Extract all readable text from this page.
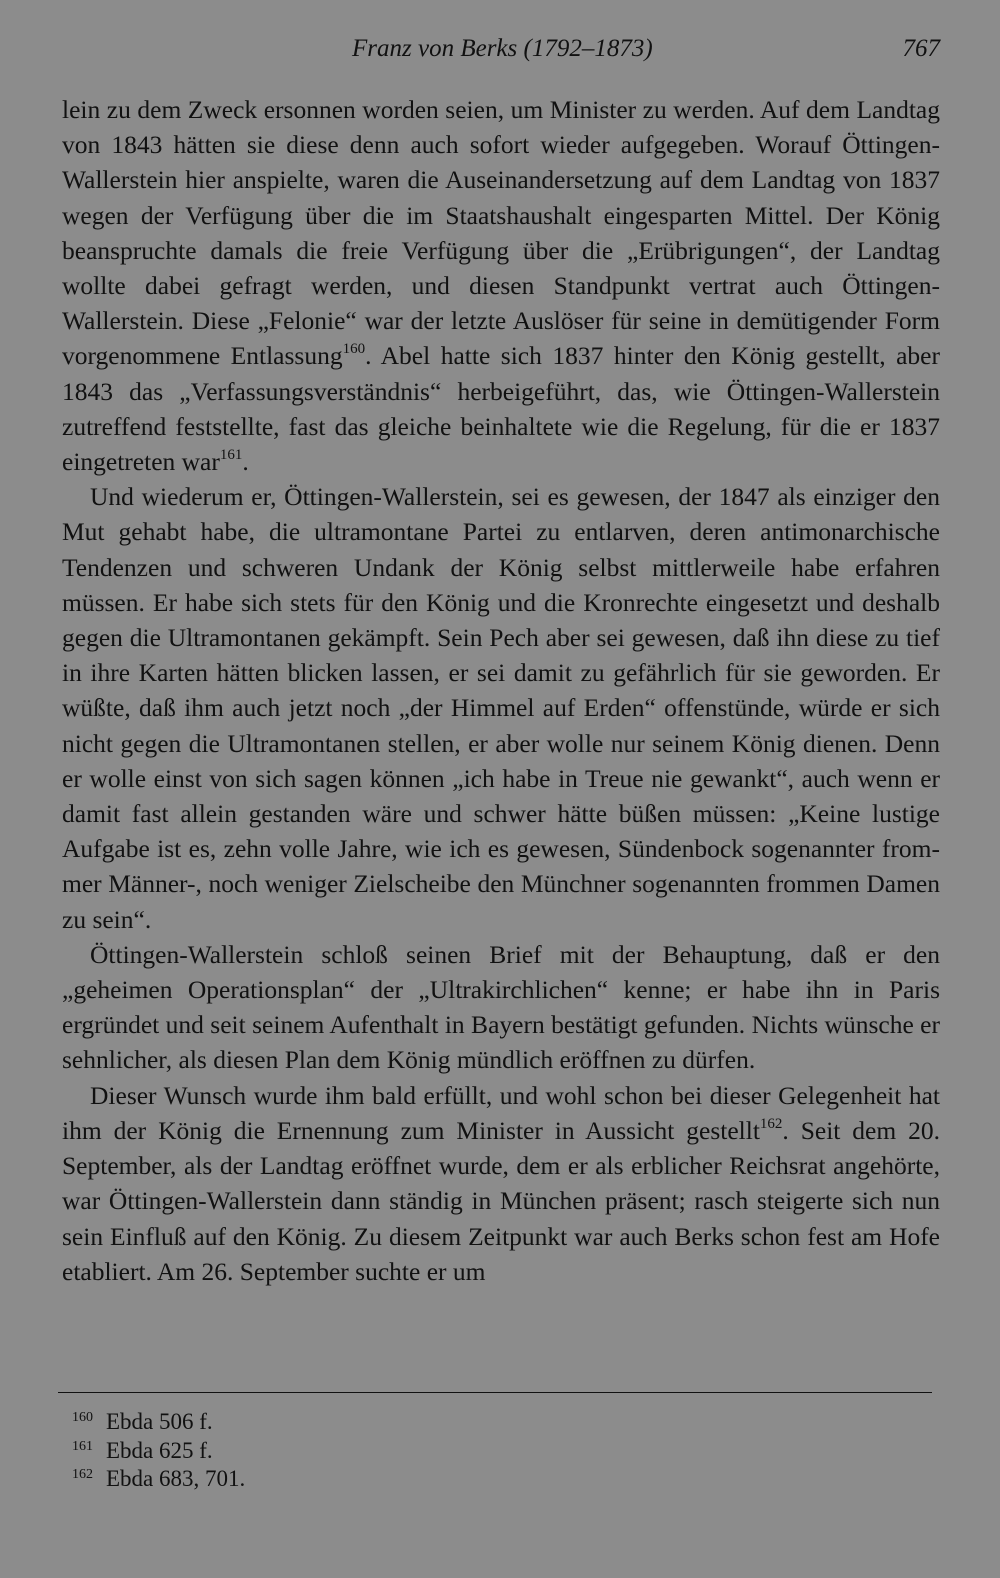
Franz von Berks (1792–1873)	767

lein zu dem Zweck ersonnen worden seien, um Minister zu werden. Auf dem Landtag von 1843 hätten sie diese denn auch sofort wieder aufgegeben. Worauf Öttingen-Wallerstein hier anspielte, waren die Auseinandersetzung auf dem Landtag von 1837 wegen der Verfügung über die im Staatshaushalt eingesparten Mittel. Der König beanspruchte damals die freie Verfügung über die „Erübrigungen“, der Landtag wollte dabei gefragt werden, und diesen Standpunkt vertrat auch Öttingen-Wallerstein. Diese „Felonie“ war der letzte Auslöser für seine in demütigender Form vorgenommene Entlassung$^{160}$. Abel hatte sich 1837 hinter den König gestellt, aber 1843 das „Verfassungsverständnis“ herbeigeführt, das, wie Öttingen-Wallerstein zutreffend feststellte, fast das gleiche beinhaltete wie die Regelung, für die er 1837 eingetreten war$^{161}$.

Und wiederum er, Öttingen-Wallerstein, sei es gewesen, der 1847 als einziger den Mut gehabt habe, die ultramontane Partei zu entlarven, deren antimonarchische Tendenzen und schweren Undank der König selbst mittlerweile habe erfahren müssen. Er habe sich stets für den König und die Kronrechte eingesetzt und deshalb gegen die Ultramontanen gekämpft. Sein Pech aber sei gewesen, daß ihn diese zu tief in ihre Karten hätten blicken lassen, er sei damit zu gefährlich für sie geworden. Er wüßte, daß ihm auch jetzt noch „der Himmel auf Erden“ offenstünde, würde er sich nicht gegen die Ultramontanen stellen, er aber wolle nur seinem König dienen. Denn er wolle einst von sich sagen können „ich habe in Treue nie gewankt“, auch wenn er damit fast allein gestanden wäre und schwer hätte büßen müssen: „Keine lustige Aufgabe ist es, zehn volle Jahre, wie ich es gewesen, Sündenbock sogenannter frommer Männer-, noch weniger Zielscheibe den Münchner sogenannten frommen Damen zu sein“.

Öttingen-Wallerstein schloß seinen Brief mit der Behauptung, daß er den „geheimen Operationsplan“ der „Ultrakirchlichen“ kenne; er habe ihn in Paris ergründet und seit seinem Aufenthalt in Bayern bestätigt gefunden. Nichts wünsche er sehnlicher, als diesen Plan dem König mündlich eröffnen zu dürfen.

Dieser Wunsch wurde ihm bald erfüllt, und wohl schon bei dieser Gelegenheit hat ihm der König die Ernennung zum Minister in Aussicht gestellt$^{162}$. Seit dem 20. September, als der Landtag eröffnet wurde, dem er als erblicher Reichsrat angehörte, war Öttingen-Wallerstein dann ständig in München präsent; rasch steigerte sich nun sein Einfluß auf den König. Zu diesem Zeitpunkt war auch Berks schon fest am Hofe etabliert. Am 26. September suchte er um

160 Ebda 506 f.
161 Ebda 625 f.
162 Ebda 683, 701.
